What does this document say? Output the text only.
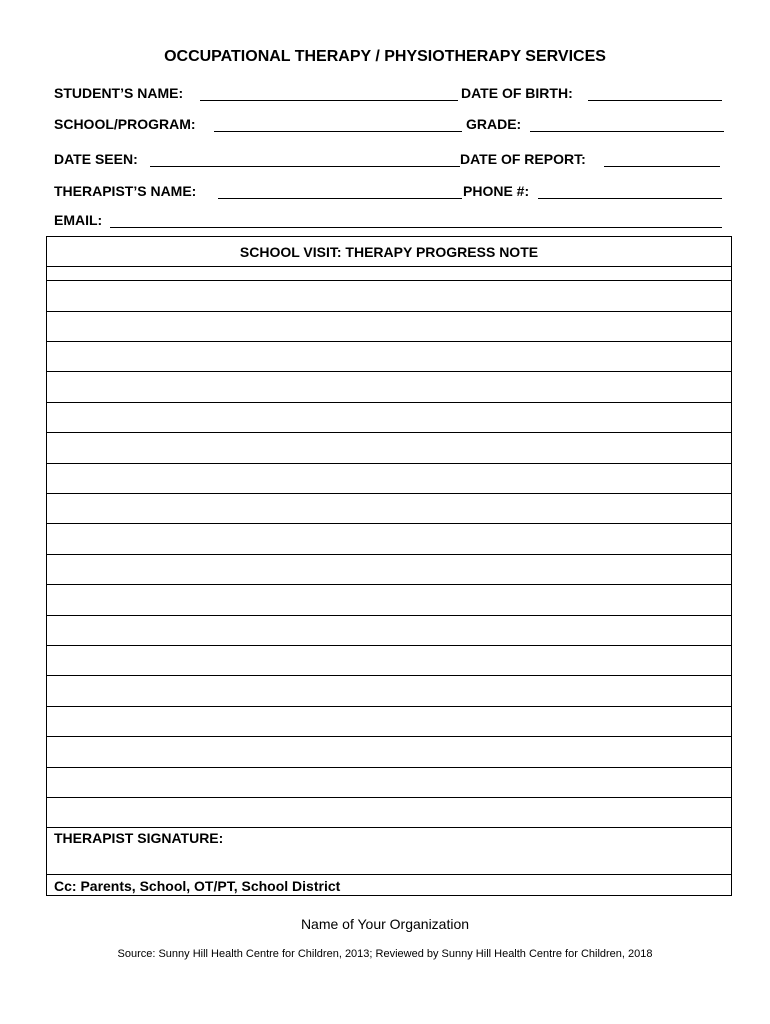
OCCUPATIONAL THERAPY / PHYSIOTHERAPY SERVICES
STUDENT’S NAME:	DATE OF BIRTH:
SCHOOL/PROGRAM:	GRADE:
DATE SEEN:	DATE OF REPORT:
THERAPIST’S NAME:	PHONE #:
EMAIL:
SCHOOL VISIT: THERAPY PROGRESS NOTE
THERAPIST SIGNATURE:
Cc: Parents, School, OT/PT, School District
Name of Your Organization
Source: Sunny Hill Health Centre for Children, 2013; Reviewed by Sunny Hill Health Centre for Children, 2018
